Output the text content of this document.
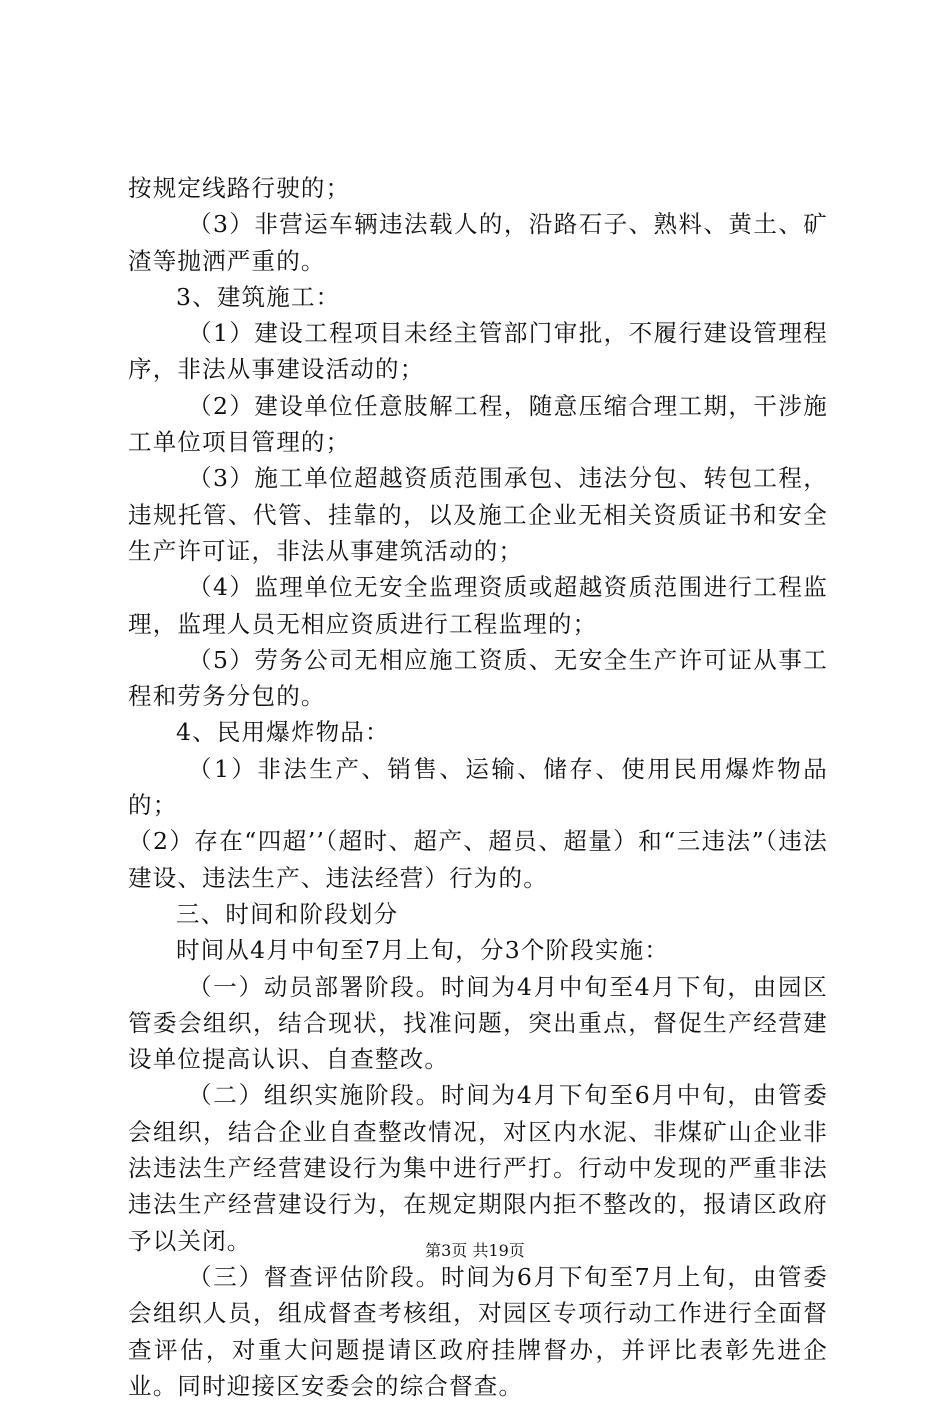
按规定线路行驶的；

（3）非营运车辆违法载人的，沿路石子、熟料、黄土、矿渣等抛洒严重的。

3、建筑施工：

（1）建设工程项目未经主管部门审批，不履行建设管理程序，非法从事建设活动的；

（2）建设单位任意肢解工程，随意压缩合理工期，干涉施工单位项目管理的；

（3）施工单位超越资质范围承包、违法分包、转包工程，违规托管、代管、挂靠的，以及施工企业无相关资质证书和安全生产许可证，非法从事建筑活动的；

（4）监理单位无安全监理资质或超越资质范围进行工程监理，监理人员无相应资质进行工程监理的；

（5）劳务公司无相应施工资质、无安全生产许可证从事工程和劳务分包的。

4、民用爆炸物品：

（1）非法生产、销售、运输、储存、使用民用爆炸物品的；

（2）存在“四超’’（超时、超产、超员、超量）和“三违法”（违法建设、违法生产、违法经营）行为的。

三、时间和阶段划分

时间从4月中旬至7月上旬，分3个阶段实施：

（一）动员部署阶段。时间为4月中旬至4月下旬，由园区管委会组织，结合现状，找准问题，突出重点，督促生产经营建设单位提高认识、自查整改。

（二）组织实施阶段。时间为4月下旬至6月中旬，由管委会组织，结合企业自查整改情况，对区内水泥、非煤矿山企业非法违法生产经营建设行为集中进行严打。行动中发现的严重非法违法生产经营建设行为，在规定期限内拒不整改的，报请区政府予以关闭。

（三）督查评估阶段。时间为6月下旬至7月上旬，由管委会组织人员，组成督查考核组，对园区专项行动工作进行全面督查评估，对重大问题提请区政府挂牌督办，并评比表彰先进企业。同时迎接区安委会的综合督查。

第3页 共19页
